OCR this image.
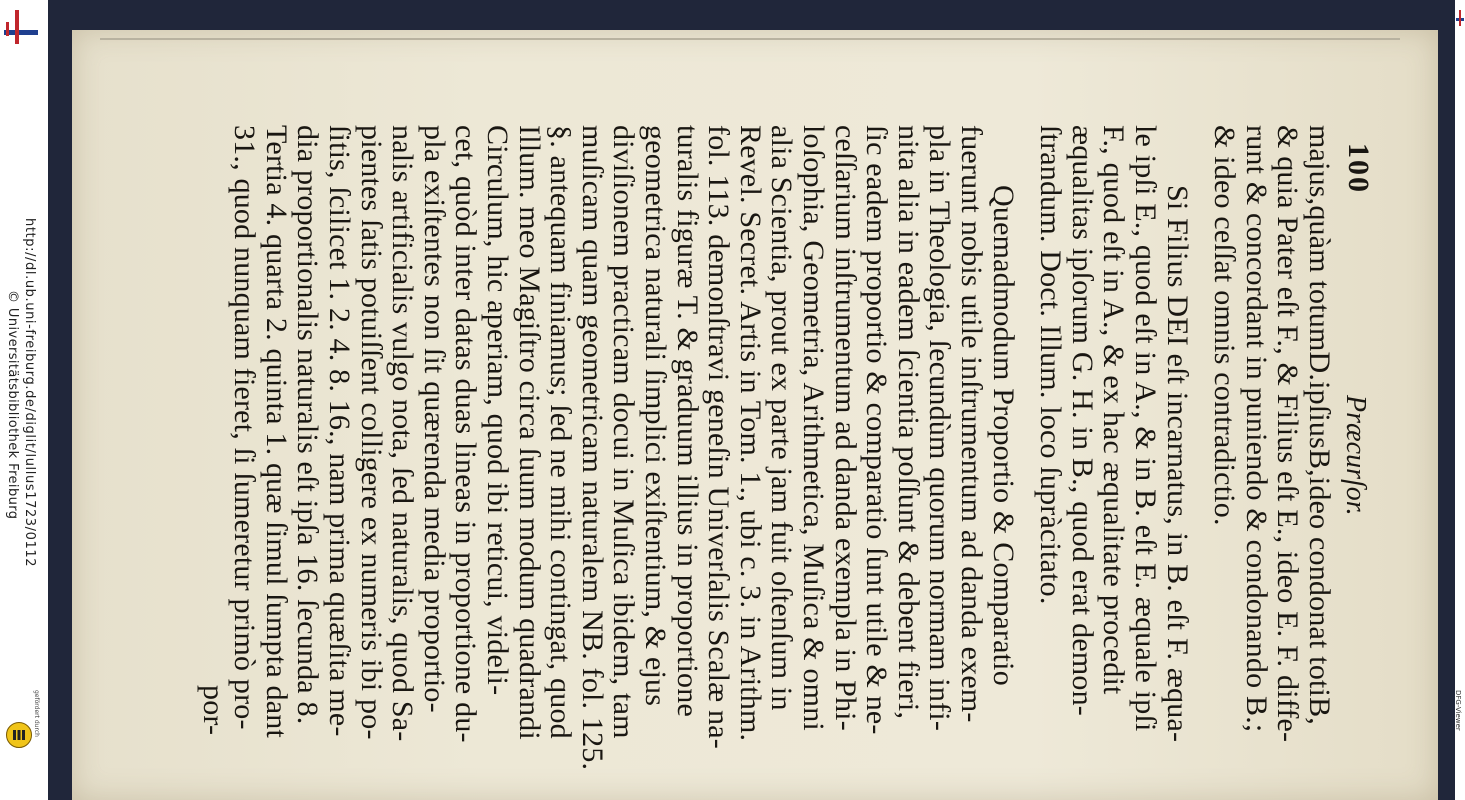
http://dl.ub.uni-freiburg.de/diglit/lullus1723/0112
© Universitätsbibliothek Freiburg
gefördert durch	DFG-Viewer
100
Præcurſor.
majus,quàm totumD.ipſiusB,ideo condonat totiB,
& quia Pater eſt F., & Filius eſt E., ideo E. F. diffe-
runt & concordant in puniendo & condonando B.;
& ideo ceſſat omnis contradictio.
Si Filius DEI eſt incarnatus, in B. eſt F. æqua-
le ipſi E., quod eſt in A., & in B. eſt E. æquale ipſi
F., quod eſt in A., & ex hac æqualitate procedit
æqualitas ipſorum G. H. in B., quod erat demon-
ſtrandum. Doct. Illum. loco ſupràcitato.
Quemadmodum Proportio & Comparatio
fuerunt nobis utile inſtrumentum ad danda exem-
pla in Theologia, ſecundùm quorum normam infi-
nita alia in eadem ſcientia poſſunt & debent fieri,
ſic eadem proportio & comparatio ſunt utile & ne-
ceſſarium inſtrumentum ad danda exempla in Phi-
loſophia, Geometria, Arithmetica, Muſica & omni
alia Scientia, prout ex parte jam fuit oſtenſum in
Revel. Secret. Artis in Tom. 1., ubi c. 3. in Arithm.
fol. 113. demonſtravi geneſin Univerſalis Scalæ na-
turalis figuræ T. & graduum illius in proportione
geometrica naturali ſimplici exiſtentium, & ejus
diviſionem practicam docui in Muſica ibidem, tam
muſicam quam geometricam naturalem NB. fol. 125.
§. antequam finiamus; ſed ne mihi contingat, quod
Illum. meo Magiſtro circa ſuum modum quadrandi
Circulum, hic aperiam, quod ibi reticui, videli-
cet, quòd inter datas duas lineas in proportione du-
pla exiſtentes non ſit quærenda media proportio-
nalis artificialis vulgo nota, ſed naturalis, quod Sa-
pientes ſatis potuiſſent colligere ex numeris ibi po-
ſitis, ſcilicet 1. 2. 4. 8. 16., nam prima quæſita me-
dia proportionalis naturalis eſt ipſa 16. ſecunda 8.
Tertia 4. quarta 2. quinta 1. quæ ſimul ſumpta dant
31., quod nunquam fieret, ſi ſumeretur primò pro-
por-
